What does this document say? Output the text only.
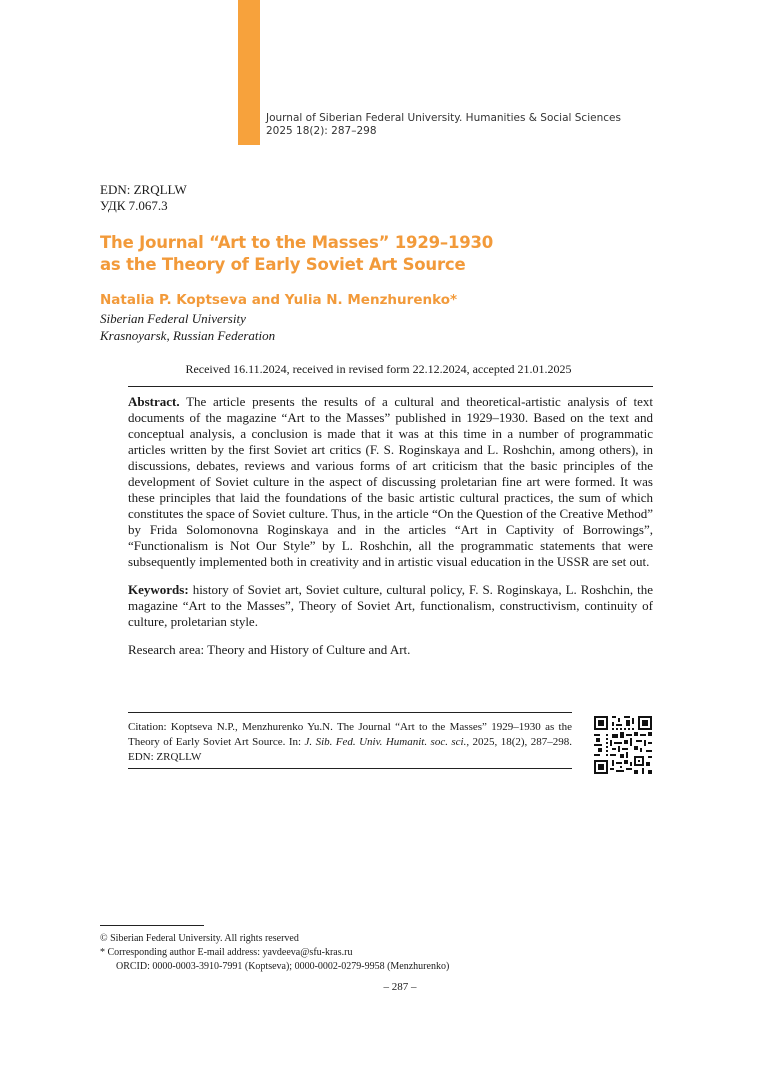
Journal of Siberian Federal University. Humanities & Social Sciences
2025 18(2): 287–298
EDN: ZRQLLW
УДК 7.067.3
The Journal “Art to the Masses” 1929–1930
as the Theory of Early Soviet Art Source
Natalia P. Koptseva and Yulia N. Menzhurenko*
Siberian Federal University
Krasnoyarsk, Russian Federation
Received 16.11.2024, received in revised form 22.12.2024, accepted 21.01.2025

Abstract. The article presents the results of a cultural and theoretical-artistic analysis of text documents of the magazine “Art to the Masses” published in 1929–1930. Based on the text and conceptual analysis, a conclusion is made that it was at this time in a number of programmatic articles written by the first Soviet art critics (F. S. Roginskaya and L. Roshchin, among others), in discussions, debates, reviews and various forms of art criticism that the basic principles of the development of Soviet culture in the aspect of discussing proletarian fine art were formed. It was these principles that laid the foundations of the basic artistic cultural practices, the sum of which constitutes the space of Soviet culture. Thus, in the article “On the Question of the Creative Method” by Frida Solomonovna Roginskaya and in the articles “Art in Captivity of Borrowings”, “Functionalism is Not Our Style” by L. Roshchin, all the programmatic statements that were subsequently implemented both in creativity and in artistic visual education in the USSR are set out.

Keywords: history of Soviet art, Soviet culture, cultural policy, F. S. Roginskaya, L. Roshchin, the magazine “Art to the Masses”, Theory of Soviet Art, functionalism, constructivism, continuity of culture, proletarian style.

Research area: Theory and History of Culture and Art.

Citation: Koptseva N.P., Menzhurenko Yu.N. The Journal “Art to the Masses” 1929–1930 as the Theory of Early Soviet Art Source. In: J. Sib. Fed. Univ. Humanit. soc. sci., 2025, 18(2), 287–298. EDN: ZRQLLW
© Siberian Federal University. All rights reserved
* Corresponding author E-mail address: yavdeeva@sfu-kras.ru
ORCID: 0000-0003-3910-7991 (Koptseva); 0000-0002-0279-9958 (Menzhurenko)
– 287 –
